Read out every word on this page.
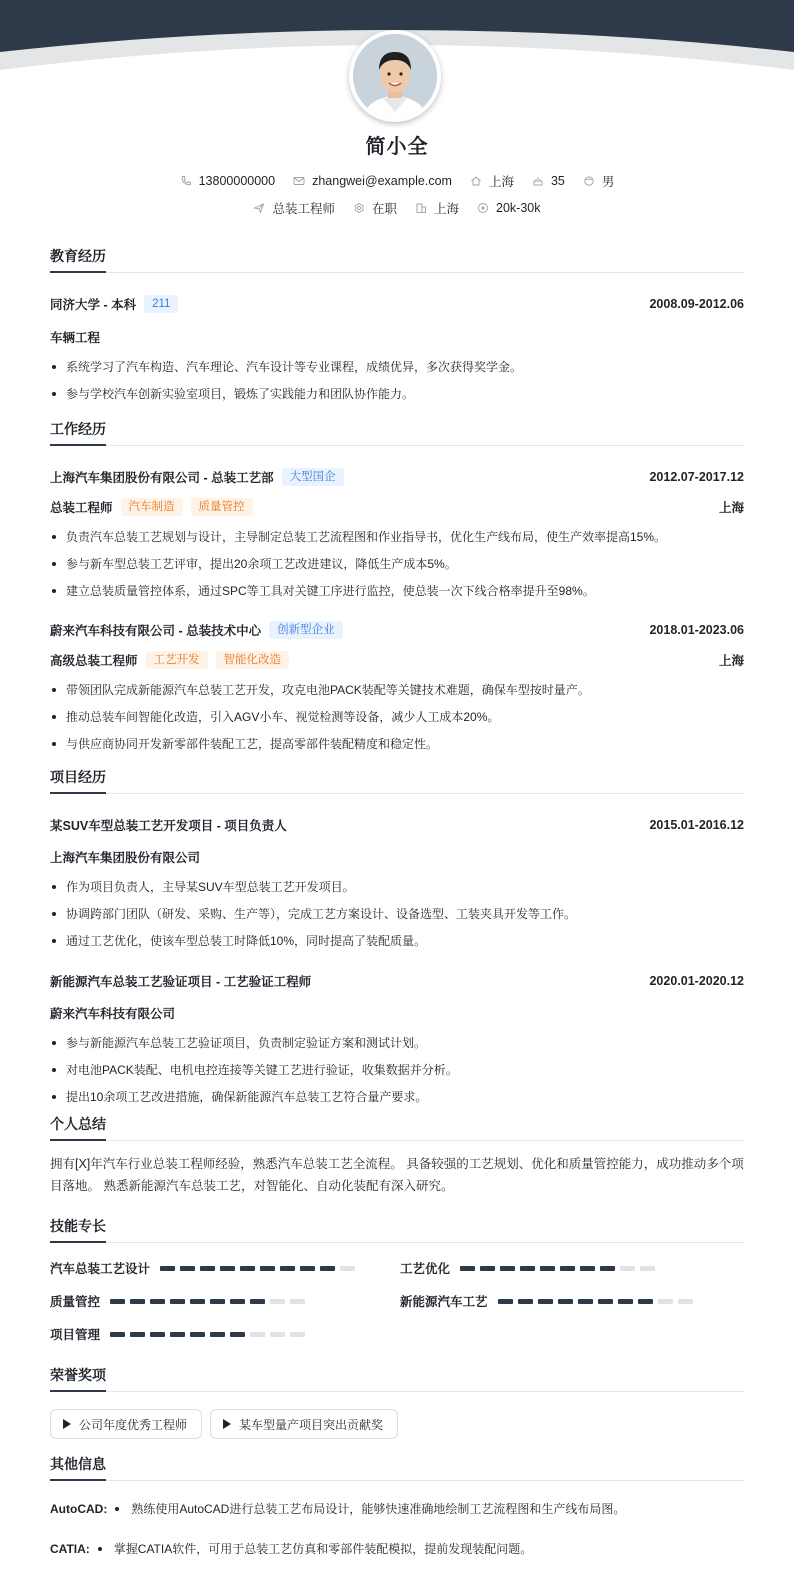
简小全
13800000000	zhangwei@example.com	上海	35	男
总装工程师	在职	上海	20k-30k
教育经历
同济大学 - 本科	211	2008.09-2012.06
车辆工程
系统学习了汽车构造、汽车理论、汽车设计等专业课程，成绩优异，多次获得奖学金。
参与学校汽车创新实验室项目，锻炼了实践能力和团队协作能力。
工作经历
上海汽车集团股份有限公司 - 总装工艺部	大型国企	2012.07-2017.12
总装工程师	汽车制造	质量管控	上海
负责汽车总装工艺规划与设计，主导制定总装工艺流程图和作业指导书，优化生产线布局，使生产效率提高15%。
参与新车型总装工艺评审，提出20余项工艺改进建议，降低生产成本5%。
建立总装质量管控体系，通过SPC等工具对关键工序进行监控，使总装一次下线合格率提升至98%。
蔚来汽车科技有限公司 - 总装技术中心	创新型企业	2018.01-2023.06
高级总装工程师	工艺开发	智能化改造	上海
带领团队完成新能源汽车总装工艺开发，攻克电池PACK装配等关键技术难题，确保车型按时量产。
推动总装车间智能化改造，引入AGV小车、视觉检测等设备，减少人工成本20%。
与供应商协同开发新零部件装配工艺，提高零部件装配精度和稳定性。
项目经历
某SUV车型总装工艺开发项目 - 项目负责人	2015.01-2016.12
上海汽车集团股份有限公司
作为项目负责人，主导某SUV车型总装工艺开发项目。
协调跨部门团队（研发、采购、生产等），完成工艺方案设计、设备选型、工装夹具开发等工作。
通过工艺优化，使该车型总装工时降低10%，同时提高了装配质量。
新能源汽车总装工艺验证项目 - 工艺验证工程师	2020.01-2020.12
蔚来汽车科技有限公司
参与新能源汽车总装工艺验证项目，负责制定验证方案和测试计划。
对电池PACK装配、电机电控连接等关键工艺进行验证，收集数据并分析。
提出10余项工艺改进措施，确保新能源汽车总装工艺符合量产要求。
个人总结
拥有[X]年汽车行业总装工程师经验，熟悉汽车总装工艺全流程。 具备较强的工艺规划、优化和质量管控能力，成功推动多个项目落地。 熟悉新能源汽车总装工艺，对智能化、自动化装配有深入研究。
技能专长
汽车总装工艺设计	工艺优化
质量管控	新能源汽车工艺
项目管理
荣誉奖项
公司年度优秀工程师	某车型量产项目突出贡献奖
其他信息
AutoCAD: 熟练使用AutoCAD进行总装工艺布局设计，能够快速准确地绘制工艺流程图和生产线布局图。
CATIA: 掌握CATIA软件，可用于总装工艺仿真和零部件装配模拟，提前发现装配问题。
